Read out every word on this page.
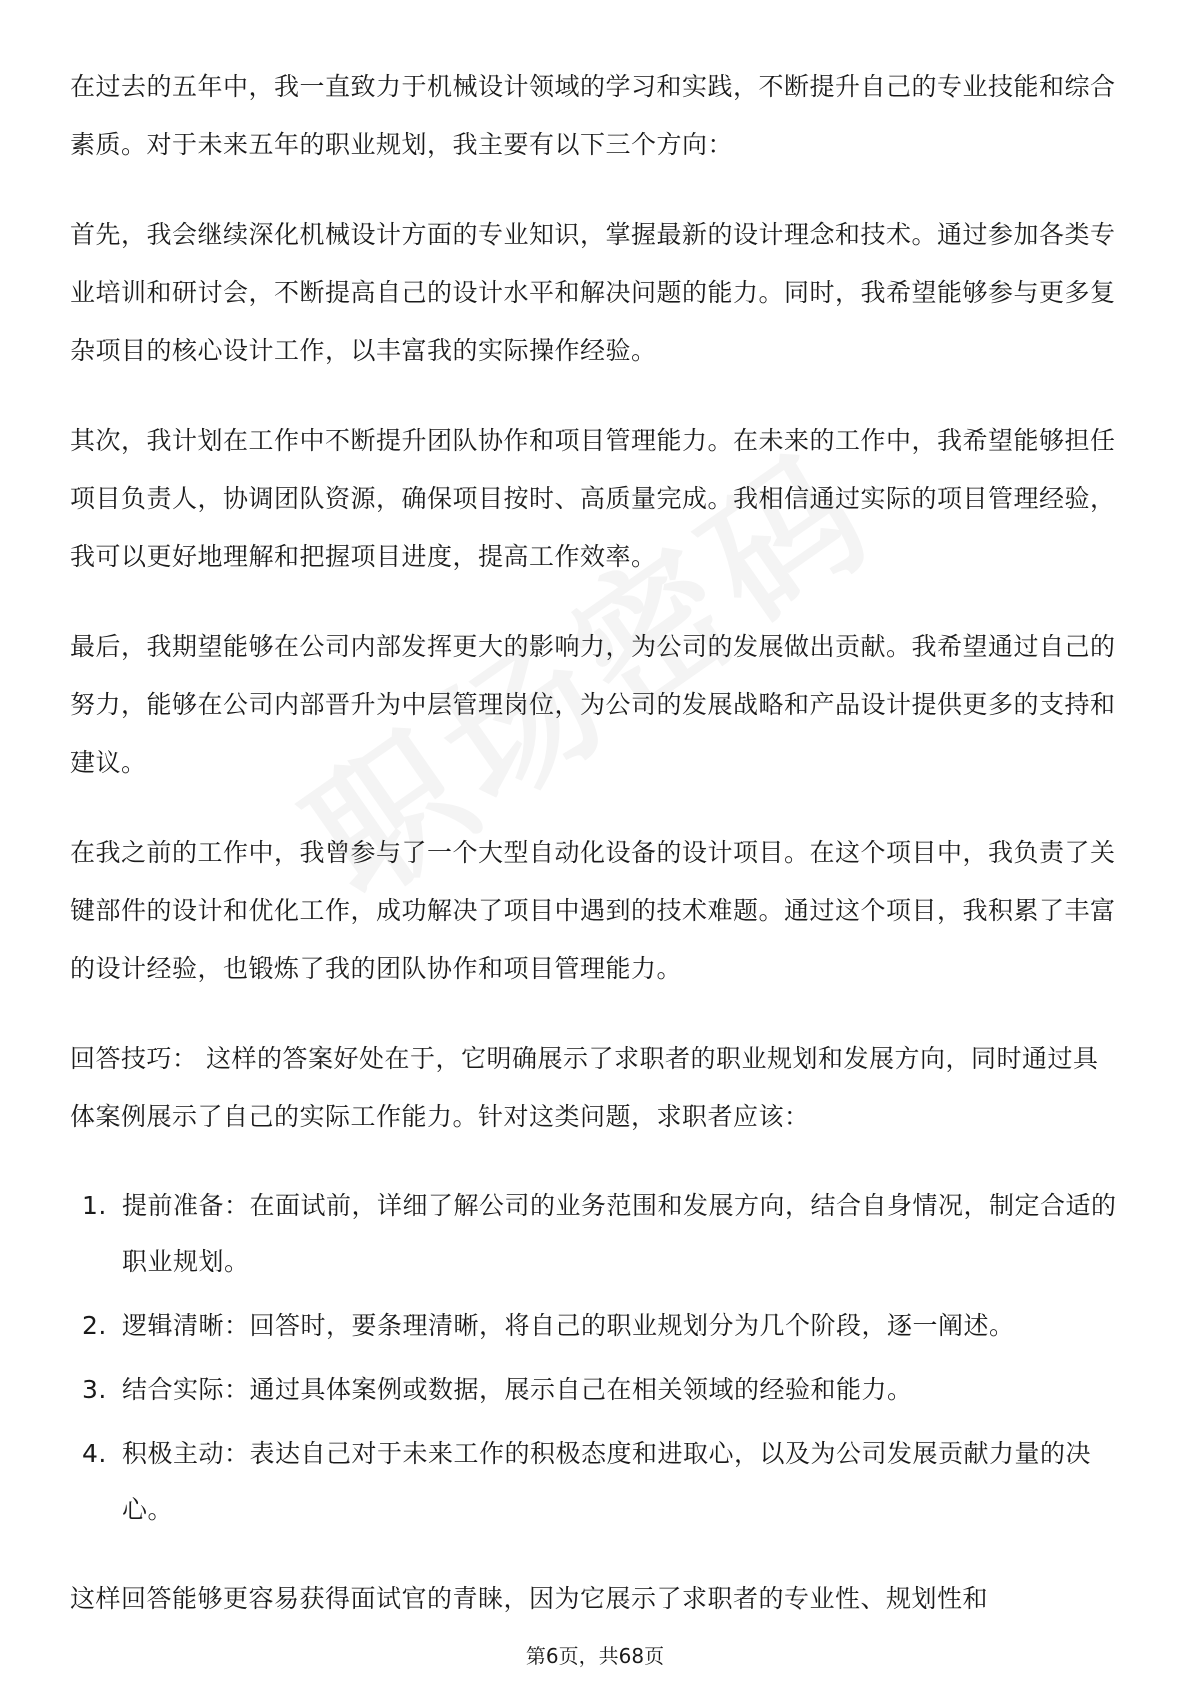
在过去的五年中，我一直致力于机械设计领域的学习和实践，不断提升自己的专业技能和综合素质。对于未来五年的职业规划，我主要有以下三个方向：

首先，我会继续深化机械设计方面的专业知识，掌握最新的设计理念和技术。通过参加各类专业培训和研讨会，不断提高自己的设计水平和解决问题的能力。同时，我希望能够参与更多复杂项目的核心设计工作，以丰富我的实际操作经验。

其次，我计划在工作中不断提升团队协作和项目管理能力。在未来的工作中，我希望能够担任项目负责人，协调团队资源，确保项目按时、高质量完成。我相信通过实际的项目管理经验，我可以更好地理解和把握项目进度，提高工作效率。

最后，我期望能够在公司内部发挥更大的影响力，为公司的发展做出贡献。我希望通过自己的努力，能够在公司内部晋升为中层管理岗位，为公司的发展战略和产品设计提供更多的支持和建议。

在我之前的工作中，我曾参与了一个大型自动化设备的设计项目。在这个项目中，我负责了关键部件的设计和优化工作，成功解决了项目中遇到的技术难题。通过这个项目，我积累了丰富的设计经验，也锻炼了我的团队协作和项目管理能力。

回答技巧： 这样的答案好处在于，它明确展示了求职者的职业规划和发展方向，同时通过具体案例展示了自己的实际工作能力。针对这类问题，求职者应该：

1. 提前准备：在面试前，详细了解公司的业务范围和发展方向，结合自身情况，制定合适的职业规划。
2. 逻辑清晰：回答时，要条理清晰，将自己的职业规划分为几个阶段，逐一阐述。
3. 结合实际：通过具体案例或数据，展示自己在相关领域的经验和能力。
4. 积极主动：表达自己对于未来工作的积极态度和进取心，以及为公司发展贡献力量的决心。

这样回答能够更容易获得面试官的青睐，因为它展示了求职者的专业性、规划性和

第6页，共68页
